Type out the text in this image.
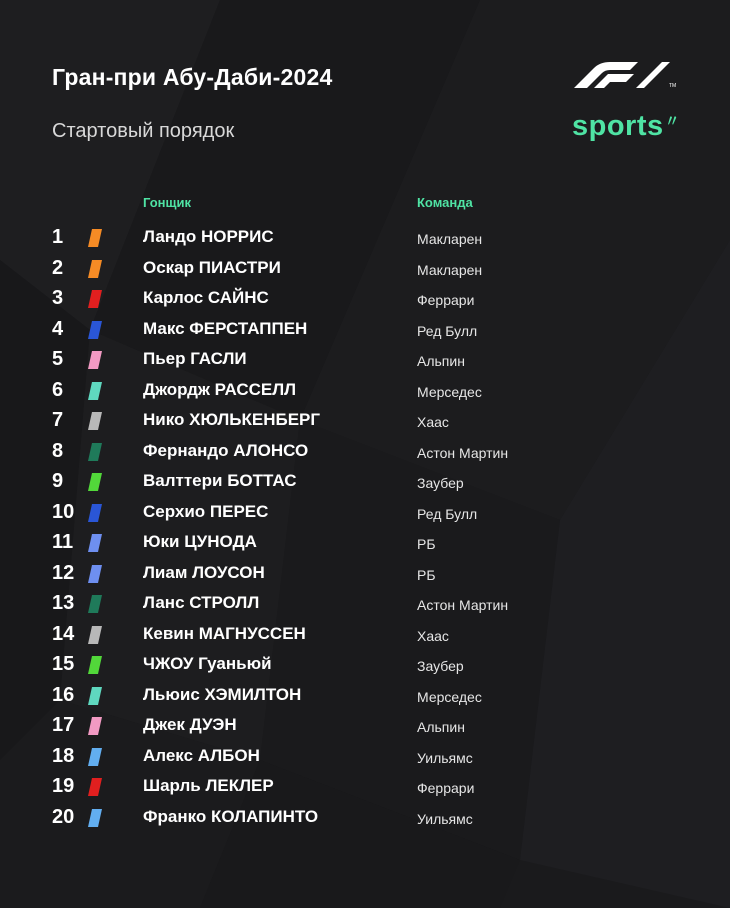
Гран-при Абу-Даби-2024
Стартовый порядок
TM
sports〃
Гонщик	Команда
1	Ландо НОРРИС	Макларен
2	Оскар ПИАСТРИ	Макларен
3	Карлос САЙНС	Феррари
4	Макс ФЕРСТАППЕН	Ред Булл
5	Пьер ГАСЛИ	Альпин
6	Джордж РАССЕЛЛ	Мерседес
7	Нико ХЮЛЬКЕНБЕРГ	Хаас
8	Фернандо АЛОНСО	Астон Мартин
9	Валттери БОТТАС	Заубер
10	Серхио ПЕРЕС	Ред Булл
11	Юки ЦУНОДА	РБ
12	Лиам ЛОУСОН	РБ
13	Ланс СТРОЛЛ	Астон Мартин
14	Кевин МАГНУССЕН	Хаас
15	ЧЖОУ Гуаньюй	Заубер
16	Льюис ХЭМИЛТОН	Мерседес
17	Джек ДУЭН	Альпин
18	Алекс АЛБОН	Уильямс
19	Шарль ЛЕКЛЕР	Феррари
20	Франко КОЛАПИНТО	Уильямс
